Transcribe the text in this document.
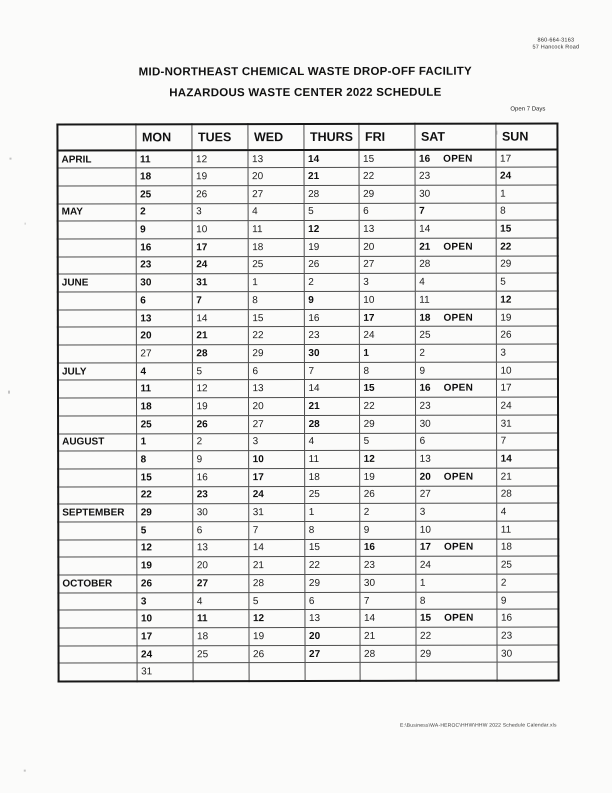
860-664-3163
57 Hancock Road
MID-NORTHEAST CHEMICAL WASTE DROP-OFF FACILITY
HAZARDOUS WASTE CENTER 2022 SCHEDULE
Open 7 Days
	MON	TUES	WED	THURS	FRI	SAT	SUN
APRIL	11	12	13	14	15	16 OPEN	17
	18	19	20	21	22	23	24
	25	26	27	28	29	30	1
MAY	2	3	4	5	6	7	8
	9	10	11	12	13	14	15
	16	17	18	19	20	21 OPEN	22
	23	24	25	26	27	28	29
JUNE	30	31	1	2	3	4	5
	6	7	8	9	10	11	12
	13	14	15	16	17	18 OPEN	19
	20	21	22	23	24	25	26
	27	28	29	30	1	2	3
JULY	4	5	6	7	8	9	10
	11	12	13	14	15	16 OPEN	17
	18	19	20	21	22	23	24
	25	26	27	28	29	30	31
AUGUST	1	2	3	4	5	6	7
	8	9	10	11	12	13	14
	15	16	17	18	19	20 OPEN	21
	22	23	24	25	26	27	28
SEPTEMBER	29	30	31	1	2	3	4
	5	6	7	8	9	10	11
	12	13	14	15	16	17 OPEN	18
	19	20	21	22	23	24	25
OCTOBER	26	27	28	29	30	1	2
	3	4	5	6	7	8	9
	10	11	12	13	14	15 OPEN	16
	17	18	19	20	21	22	23
	24	25	26	27	28	29	30
	31						
E:\Business\WA-HEROC\HHW\HHW 2022 Schedule Calendar.xls
